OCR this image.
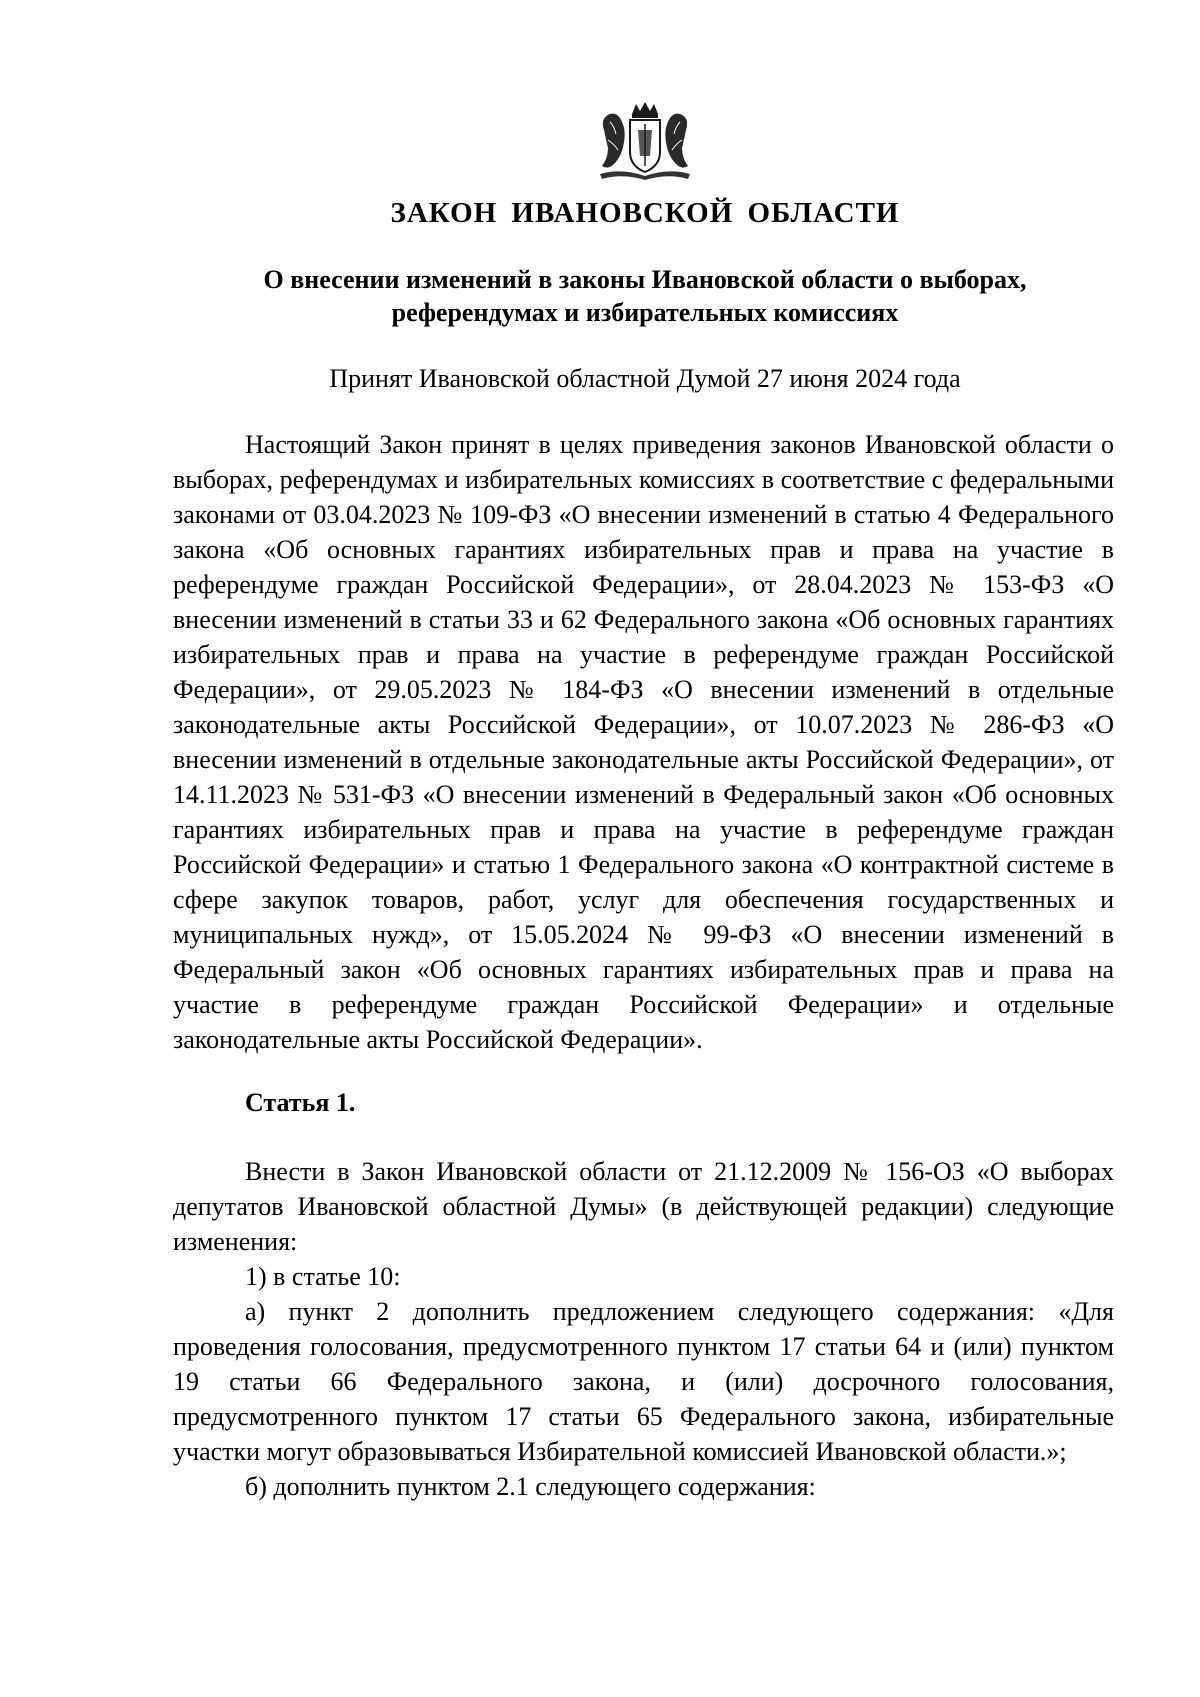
ЗАКОН ИВАНОВСКОЙ ОБЛАСТИ
О внесении изменений в законы Ивановской области о выборах,
референдумах и избирательных комиссиях
Принят Ивановской областной Думой 27 июня 2024 года

Настоящий Закон принят в целях приведения законов Ивановской области о выборах, референдумах и избирательных комиссиях в соответствие с федеральными законами от 03.04.2023 № 109-ФЗ «О внесении изменений в статью 4 Федерального закона «Об основных гарантиях избирательных прав и права на участие в референдуме граждан Российской Федерации», от 28.04.2023 № 153-ФЗ «О внесении изменений в статьи 33 и 62 Федерального закона «Об основных гарантиях избирательных прав и права на участие в референдуме граждан Российской Федерации», от 29.05.2023 № 184-ФЗ «О внесении изменений в отдельные законодательные акты Российской Федерации», от 10.07.2023 № 286-ФЗ «О внесении изменений в отдельные законодательные акты Российской Федерации», от 14.11.2023 № 531-ФЗ «О внесении изменений в Федеральный закон «Об основных гарантиях избирательных прав и права на участие в референдуме граждан Российской Федерации» и статью 1 Федерального закона «О контрактной системе в сфере закупок товаров, работ, услуг для обеспечения государственных и муниципальных нужд», от 15.05.2024 № 99-ФЗ «О внесении изменений в Федеральный закон «Об основных гарантиях избирательных прав и права на участие в референдуме граждан Российской Федерации» и отдельные законодательные акты Российской Федерации».

Статья 1.

Внести в Закон Ивановской области от 21.12.2009 № 156-ОЗ «О выборах депутатов Ивановской областной Думы» (в действующей редакции) следующие изменения:

1) в статье 10:

а) пункт 2 дополнить предложением следующего содержания: «Для проведения голосования, предусмотренного пунктом 17 статьи 64 и (или) пунктом 19 статьи 66 Федерального закона, и (или) досрочного голосования, предусмотренного пунктом 17 статьи 65 Федерального закона, избирательные участки могут образовываться Избирательной комиссией Ивановской области.»;

б) дополнить пунктом 2.1 следующего содержания:
